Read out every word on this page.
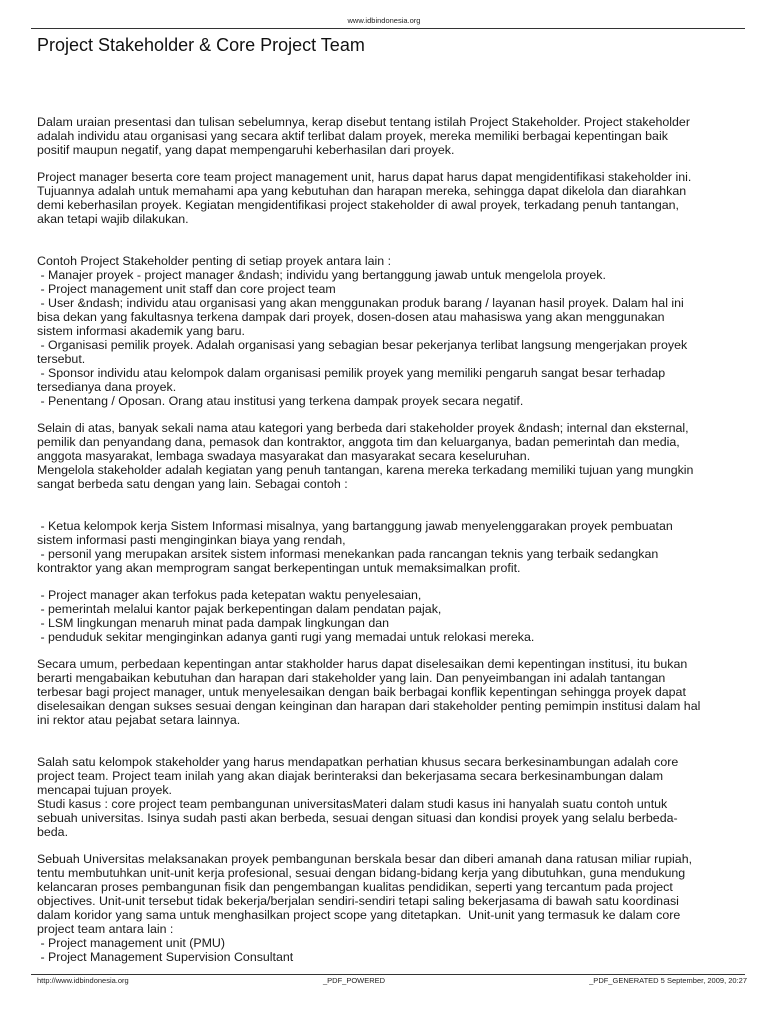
www.idbindonesia.org
Project Stakeholder & Core Project Team

Dalam uraian presentasi dan tulisan sebelumnya, kerap disebut tentang istilah Project Stakeholder. Project stakeholder
adalah individu atau organisasi yang secara aktif terlibat dalam proyek, mereka memiliki berbagai kepentingan baik
positif maupun negatif, yang dapat mempengaruhi keberhasilan dari proyek.

Project manager beserta core team project management unit, harus dapat harus dapat mengidentifikasi stakeholder ini.
Tujuannya adalah untuk memahami apa yang kebutuhan dan harapan mereka, sehingga dapat dikelola dan diarahkan
demi keberhasilan proyek. Kegiatan mengidentifikasi project stakeholder di awal proyek, terkadang penuh tantangan,
akan tetapi wajib dilakukan.

Contoh Project Stakeholder penting di setiap proyek antara lain :
- Manajer proyek - project manager &ndash; individu yang bertanggung jawab untuk mengelola proyek.
- Project management unit staff dan core project team
- User &ndash; individu atau organisasi yang akan menggunakan produk barang / layanan hasil proyek. Dalam hal ini
bisa dekan yang fakultasnya terkena dampak dari proyek, dosen-dosen atau mahasiswa yang akan menggunakan
sistem informasi akademik yang baru.
- Organisasi pemilik proyek. Adalah organisasi yang sebagian besar pekerjanya terlibat langsung mengerjakan proyek
tersebut.
- Sponsor individu atau kelompok dalam organisasi pemilik proyek yang memiliki pengaruh sangat besar terhadap
tersedianya dana proyek.
- Penentang / Oposan. Orang atau institusi yang terkena dampak proyek secara negatif.

Selain di atas, banyak sekali nama atau kategori yang berbeda dari stakeholder proyek &ndash; internal dan eksternal,
pemilik dan penyandang dana, pemasok dan kontraktor, anggota tim dan keluarganya, badan pemerintah dan media,
anggota masyarakat, lembaga swadaya masyarakat dan masyarakat secara keseluruhan.
Mengelola stakeholder adalah kegiatan yang penuh tantangan, karena mereka terkadang memiliki tujuan yang mungkin
sangat berbeda satu dengan yang lain. Sebagai contoh :

- Ketua kelompok kerja Sistem Informasi misalnya, yang bartanggung jawab menyelenggarakan proyek pembuatan
sistem informasi pasti menginginkan biaya yang rendah,
- personil yang merupakan arsitek sistem informasi menekankan pada rancangan teknis yang terbaik sedangkan
kontraktor yang akan memprogram sangat berkepentingan untuk memaksimalkan profit.

- Project manager akan terfokus pada ketepatan waktu penyelesaian,
- pemerintah melalui kantor pajak berkepentingan dalam pendatan pajak,
- LSM lingkungan menaruh minat pada dampak lingkungan dan
- penduduk sekitar menginginkan adanya ganti rugi yang memadai untuk relokasi mereka.

Secara umum, perbedaan kepentingan antar stakholder harus dapat diselesaikan demi kepentingan institusi, itu bukan
berarti mengabaikan kebutuhan dan harapan dari stakeholder yang lain. Dan penyeimbangan ini adalah tantangan
terbesar bagi project manager, untuk menyelesaikan dengan baik berbagai konflik kepentingan sehingga proyek dapat
diselesaikan dengan sukses sesuai dengan keinginan dan harapan dari stakeholder penting pemimpin institusi dalam hal
ini rektor atau pejabat setara lainnya.

Salah satu kelompok stakeholder yang harus mendapatkan perhatian khusus secara berkesinambungan adalah core
project team. Project team inilah yang akan diajak berinteraksi dan bekerjasama secara berkesinambungan dalam
mencapai tujuan proyek.
Studi kasus : core project team pembangunan universitasMateri dalam studi kasus ini hanyalah suatu contoh untuk
sebuah universitas. Isinya sudah pasti akan berbeda, sesuai dengan situasi dan kondisi proyek yang selalu berbeda-
beda.

Sebuah Universitas melaksanakan proyek pembangunan berskala besar dan diberi amanah dana ratusan miliar rupiah,
tentu membutuhkan unit-unit kerja profesional, sesuai dengan bidang-bidang kerja yang dibutuhkan, guna mendukung
kelancaran proses pembangunan fisik dan pengembangan kualitas pendidikan, seperti yang tercantum pada project
objectives. Unit-unit tersebut tidak bekerja/berjalan sendiri-sendiri tetapi saling bekerjasama di bawah satu koordinasi
dalam koridor yang sama untuk menghasilkan project scope yang ditetapkan.  Unit-unit yang termasuk ke dalam core
project team antara lain :
- Project management unit (PMU)
- Project Management Supervision Consultant

http://www.idbindonesia.org	_PDF_POWERED	_PDF_GENERATED 5 September, 2009, 20:27
